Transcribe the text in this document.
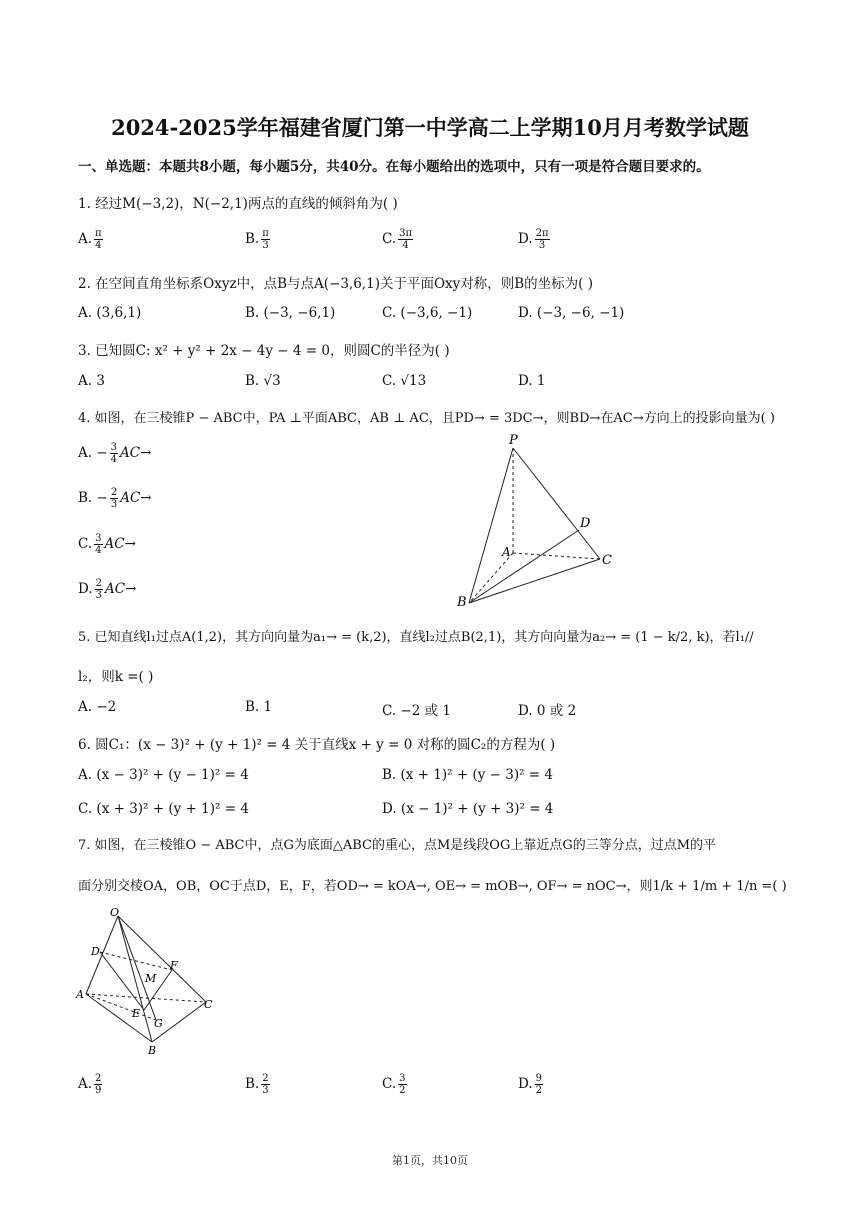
2024-2025学年福建省厦门第一中学高二上学期10月月考数学试题
一、单选题：本题共8小题，每小题5分，共40分。在每小题给出的选项中，只有一项是符合题目要求的。
1. 经过M(−3,2)，N(−2,1)两点的直线的倾斜角为( )
A. $\frac{\pi}{4}$	B. $\frac{\pi}{3}$	C. $\frac{3\pi}{4}$	D. $\frac{2\pi}{3}$
2. 在空间直角坐标系Oxyz中，点B与点A(−3,6,1)关于平面Oxy对称，则B的坐标为( )
A. (3,6,1)	B. (−3, −6,1)	C. (−3,6, −1)	D. (−3, −6, −1)
3. 已知圆C: x² + y² + 2x − 4y − 4 = 0，则圆C的半径为( )
A. 3	B. √3	C. √13	D. 1
4. 如图，在三棱锥P − ABC中，PA ⊥平面ABC，AB ⊥ AC，且PD→ = 3DC→，则BD→在AC→方向上的投影向量为( )
A. − $\frac{3}{4} AC\to$
B. − $\frac{2}{3} AC\to$
C. $\frac{3}{4} AC\to$
D. $\frac{2}{3} AC\to$
P
D
A
C
B
5. 已知直线l₁过点A(1,2)，其方向向量为a₁→ = (k,2)，直线l₂过点B(2,1)，其方向向量为a₂→ = (1 − k/2, k)，若l₁//
l₂，则k =( )
A. −2	B. 1	C. −2 或 1	D. 0 或 2
6. 圆C₁：(x − 3)² + (y + 1)² = 4 关于直线x + y = 0 对称的圆C₂的方程为( )
A. (x − 3)² + (y − 1)² = 4	B. (x + 1)² + (y − 3)² = 4
C. (x + 3)² + (y + 1)² = 4	D. (x − 1)² + (y + 3)² = 4
7. 如图，在三棱锥O − ABC中，点G为底面△ABC的重心，点M是线段OG上靠近点G的三等分点，过点M的平
面分别交棱OA，OB，OC于点D，E，F，若OD→ = kOA→, OE→ = mOB→, OF→ = nOC→，则1/k + 1/m + 1/n =( )
O
D
M
F
A
E
G
C
B
A. $\frac{2}{9}$	B. $\frac{2}{3}$	C. $\frac{3}{2}$	D. $\frac{9}{2}$
第1页，共10页
